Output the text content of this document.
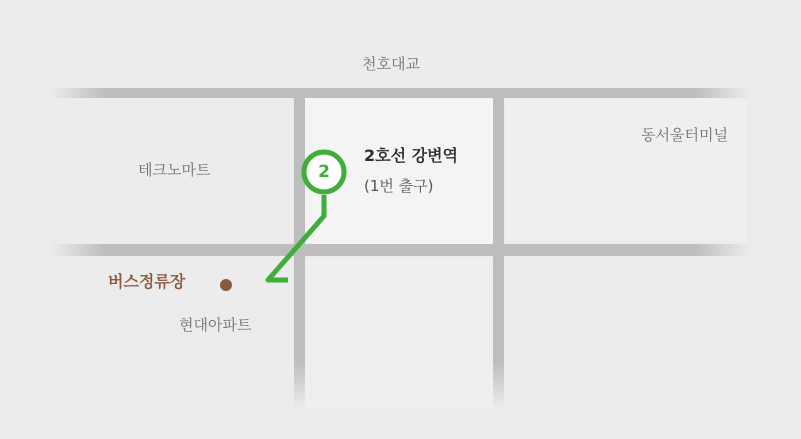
2
천호대교
테크노마트
동서울터미널
2호선 강변역
(1번 출구)
버스정류장
현대아파트
